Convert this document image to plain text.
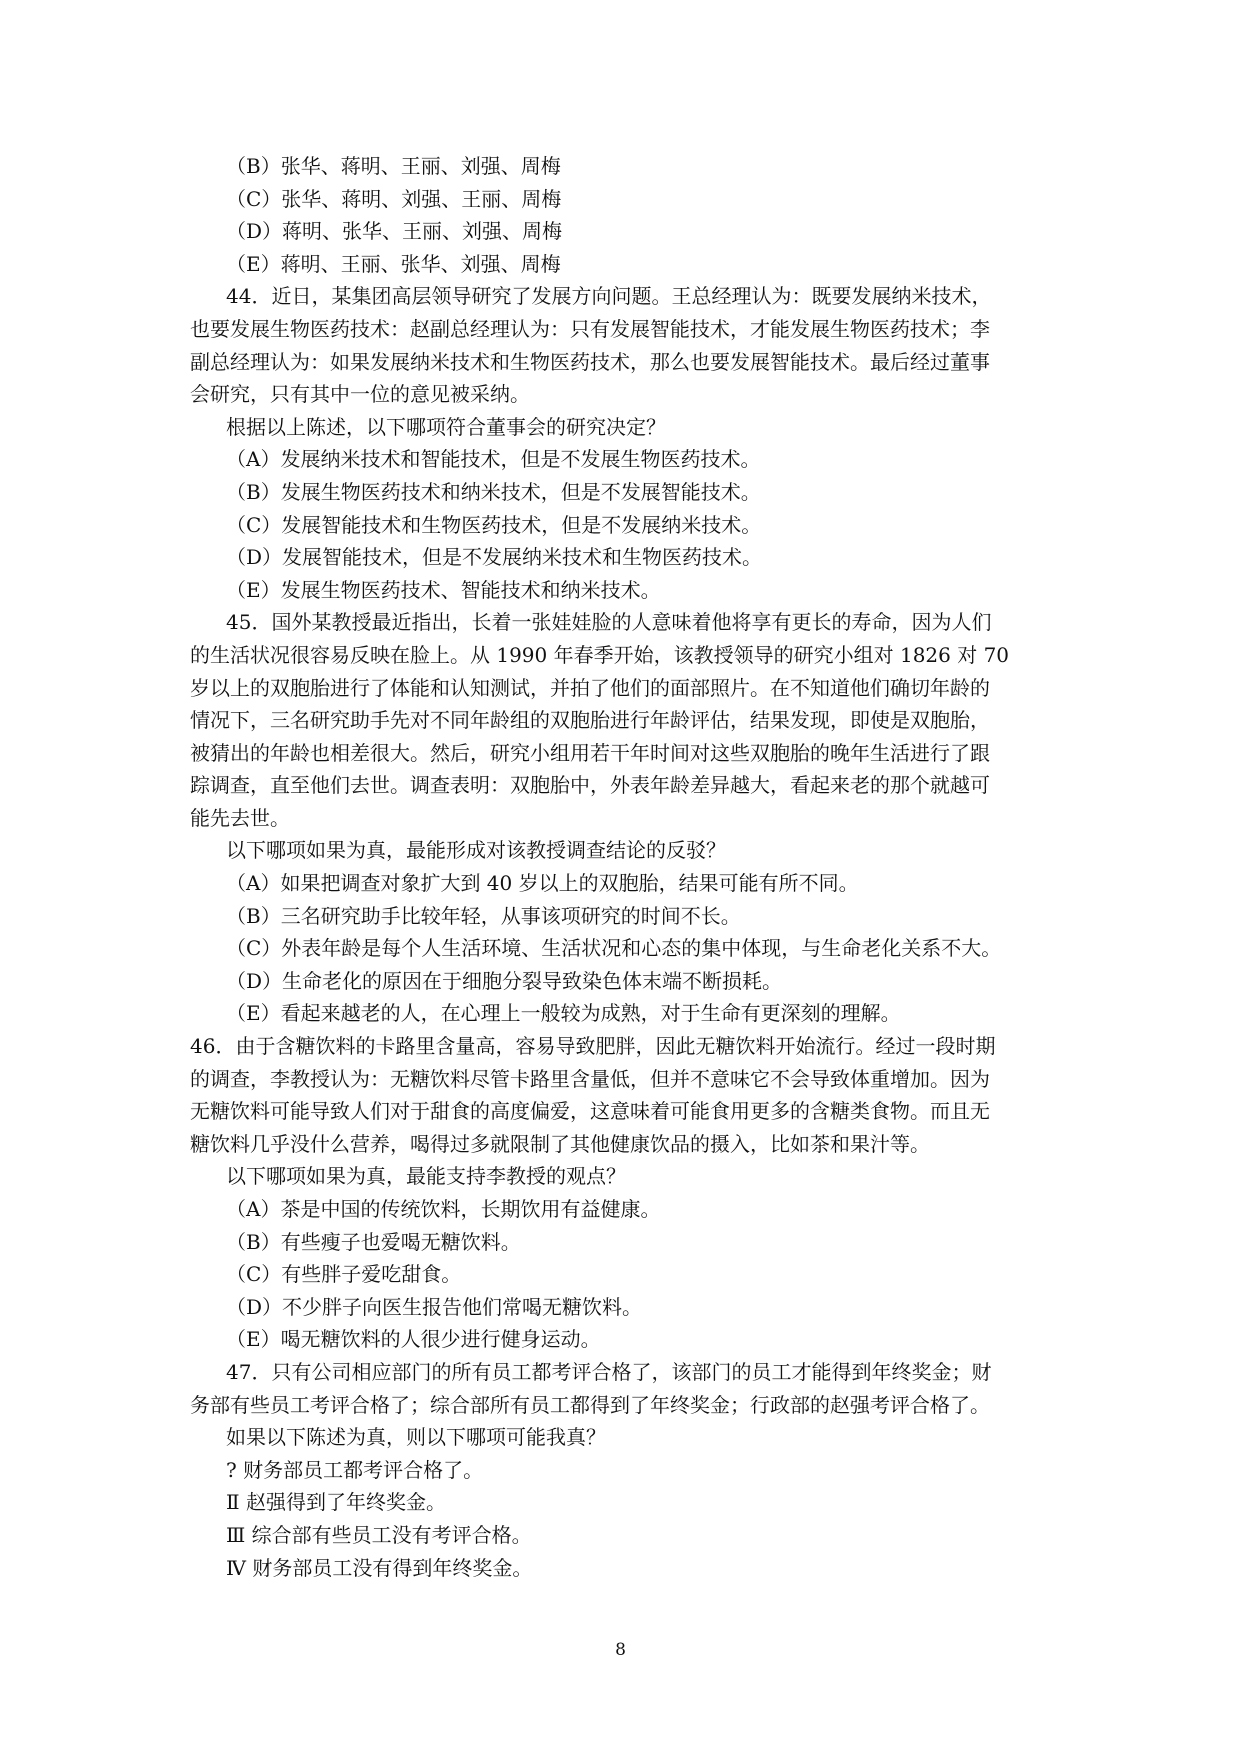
（B）张华、蒋明、王丽、刘强、周梅
（C）张华、蒋明、刘强、王丽、周梅
（D）蒋明、张华、王丽、刘强、周梅
（E）蒋明、王丽、张华、刘强、周梅
44．近日，某集团高层领导研究了发展方向问题。王总经理认为：既要发展纳米技术，
也要发展生物医药技术：赵副总经理认为：只有发展智能技术，才能发展生物医药技术；李
副总经理认为：如果发展纳米技术和生物医药技术，那么也要发展智能技术。最后经过董事
会研究，只有其中一位的意见被采纳。
根据以上陈述，以下哪项符合董事会的研究决定？
（A）发展纳米技术和智能技术，但是不发展生物医药技术。
（B）发展生物医药技术和纳米技术，但是不发展智能技术。
（C）发展智能技术和生物医药技术，但是不发展纳米技术。
（D）发展智能技术，但是不发展纳米技术和生物医药技术。
（E）发展生物医药技术、智能技术和纳米技术。
45．国外某教授最近指出，长着一张娃娃脸的人意味着他将享有更长的寿命，因为人们
的生活状况很容易反映在脸上。从 1990 年春季开始，该教授领导的研究小组对 1826 对 70
岁以上的双胞胎进行了体能和认知测试，并拍了他们的面部照片。在不知道他们确切年龄的
情况下，三名研究助手先对不同年龄组的双胞胎进行年龄评估，结果发现，即使是双胞胎，
被猜出的年龄也相差很大。然后，研究小组用若干年时间对这些双胞胎的晚年生活进行了跟
踪调查，直至他们去世。调查表明：双胞胎中，外表年龄差异越大，看起来老的那个就越可
能先去世。
以下哪项如果为真，最能形成对该教授调查结论的反驳？
（A）如果把调查对象扩大到 40 岁以上的双胞胎，结果可能有所不同。
（B）三名研究助手比较年轻，从事该项研究的时间不长。
（C）外表年龄是每个人生活环境、生活状况和心态的集中体现，与生命老化关系不大。
（D）生命老化的原因在于细胞分裂导致染色体末端不断损耗。
（E）看起来越老的人，在心理上一般较为成熟，对于生命有更深刻的理解。
46．由于含糖饮料的卡路里含量高，容易导致肥胖，因此无糖饮料开始流行。经过一段时期
的调查，李教授认为：无糖饮料尽管卡路里含量低，但并不意味它不会导致体重增加。因为
无糖饮料可能导致人们对于甜食的高度偏爱，这意味着可能食用更多的含糖类食物。而且无
糖饮料几乎没什么营养，喝得过多就限制了其他健康饮品的摄入，比如茶和果汁等。
以下哪项如果为真，最能支持李教授的观点？
（A）茶是中国的传统饮料，长期饮用有益健康。
（B）有些瘦子也爱喝无糖饮料。
（C）有些胖子爱吃甜食。
（D）不少胖子向医生报告他们常喝无糖饮料。
（E）喝无糖饮料的人很少进行健身运动。
47．只有公司相应部门的所有员工都考评合格了，该部门的员工才能得到年终奖金；财
务部有些员工考评合格了；综合部所有员工都得到了年终奖金；行政部的赵强考评合格了。
如果以下陈述为真，则以下哪项可能我真？
? 财务部员工都考评合格了。
Ⅱ 赵强得到了年终奖金。
Ⅲ 综合部有些员工没有考评合格。
Ⅳ 财务部员工没有得到年终奖金。
8
